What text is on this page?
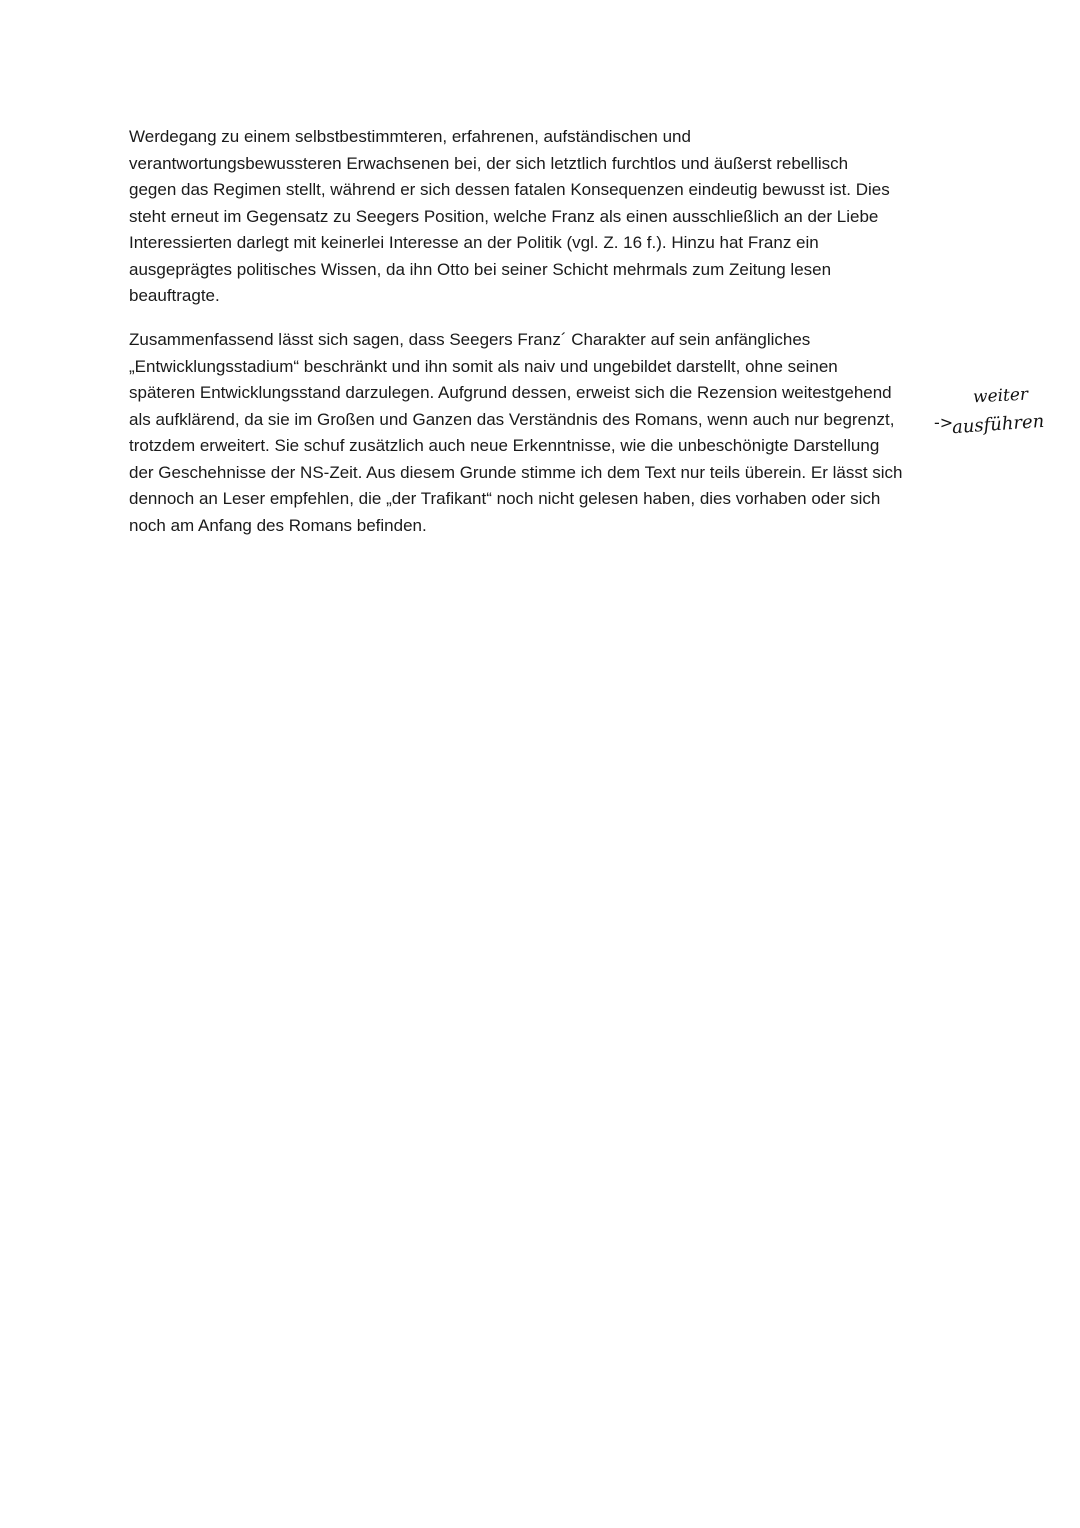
Werdegang zu einem selbstbestimmteren, erfahrenen, aufständischen und
verantwortungsbewussteren Erwachsenen bei, der sich letztlich furchtlos und äußerst rebellisch
gegen das Regimen stellt, während er sich dessen fatalen Konsequenzen eindeutig bewusst ist. Dies
steht erneut im Gegensatz zu Seegers Position, welche Franz als einen ausschließlich an der Liebe
Interessierten darlegt mit keinerlei Interesse an der Politik (vgl. Z. 16 f.). Hinzu hat Franz ein
ausgeprägtes politisches Wissen, da ihn Otto bei seiner Schicht mehrmals zum Zeitung lesen
beauftragte.

Zusammenfassend lässt sich sagen, dass Seegers Franz´ Charakter auf sein anfängliches
„Entwicklungsstadium“ beschränkt und ihn somit als naiv und ungebildet darstellt, ohne seinen
späteren Entwicklungsstand darzulegen. Aufgrund dessen, erweist sich die Rezension weitestgehend
als aufklärend, da sie im Großen und Ganzen das Verständnis des Romans, wenn auch nur begrenzt,
trotzdem erweitert. Sie schuf zusätzlich auch neue Erkenntnisse, wie die unbeschönigte Darstellung
der Geschehnisse der NS-Zeit. Aus diesem Grunde stimme ich dem Text nur teils überein. Er lässt sich
dennoch an Leser empfehlen, die „der Trafikant“ noch nicht gelesen haben, dies vorhaben oder sich
noch am Anfang des Romans befinden.

weiter
->
ausführen
